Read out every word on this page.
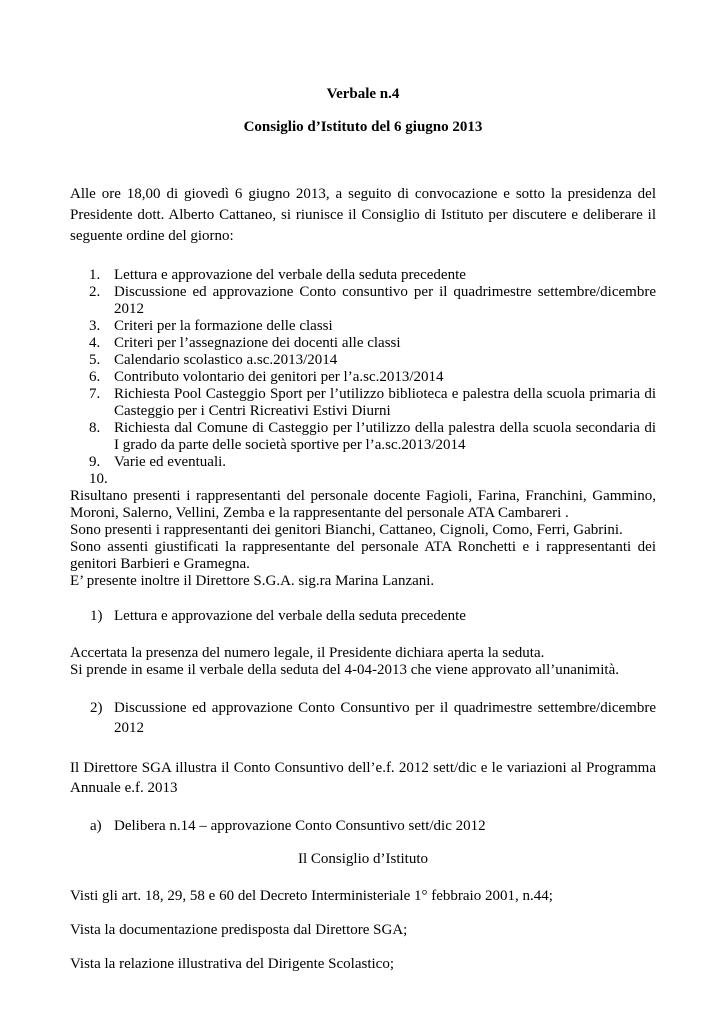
Verbale n.4

Consiglio d’Istituto del 6 giugno 2013

Alle ore 18,00 di giovedì 6 giugno 2013, a seguito di convocazione e sotto la presidenza del Presidente dott. Alberto Cattaneo, si riunisce il Consiglio di Istituto per discutere e deliberare il seguente ordine del giorno:

1. Lettura e approvazione del verbale della seduta precedente
2. Discussione ed approvazione Conto consuntivo per il quadrimestre settembre/dicembre 2012
3. Criteri per la formazione delle classi
4. Criteri per l’assegnazione dei docenti alle classi
5. Calendario scolastico a.sc.2013/2014
6. Contributo volontario dei genitori per l’a.sc.2013/2014
7. Richiesta Pool Casteggio Sport per l’utilizzo biblioteca e palestra della scuola primaria di Casteggio per i Centri Ricreativi Estivi Diurni
8. Richiesta dal Comune di Casteggio per l’utilizzo della palestra della scuola secondaria di I grado da parte delle società sportive per l’a.sc.2013/2014
9. Varie ed eventuali.
10.

Risultano presenti i rappresentanti del personale docente Fagioli, Farina, Franchini, Gammino, Moroni, Salerno, Vellini, Zemba e la rappresentante del personale ATA Cambareri .

Sono presenti i rappresentanti dei genitori Bianchi, Cattaneo, Cignoli, Como, Ferri, Gabrini.

Sono assenti giustificati la rappresentante del personale ATA Ronchetti e i rappresentanti dei genitori Barbieri e Gramegna.

E’ presente inoltre il Direttore S.G.A. sig.ra Marina Lanzani.

1) Lettura e approvazione del verbale della seduta precedente

Accertata la presenza del numero legale, il Presidente dichiara aperta la seduta.

Si prende in esame il verbale della seduta del 4-04-2013 che viene approvato all’unanimità.

2) Discussione ed approvazione Conto Consuntivo per il quadrimestre settembre/dicembre 2012

Il Direttore SGA illustra il Conto Consuntivo dell’e.f. 2012 sett/dic e le variazioni al Programma Annuale e.f. 2013

a) Delibera n.14 – approvazione Conto Consuntivo sett/dic 2012

Il Consiglio d’Istituto

Visti gli art. 18, 29, 58 e 60 del Decreto Interministeriale 1° febbraio 2001, n.44;

Vista la documentazione predisposta dal Direttore SGA;

Vista la relazione illustrativa del Dirigente Scolastico;
